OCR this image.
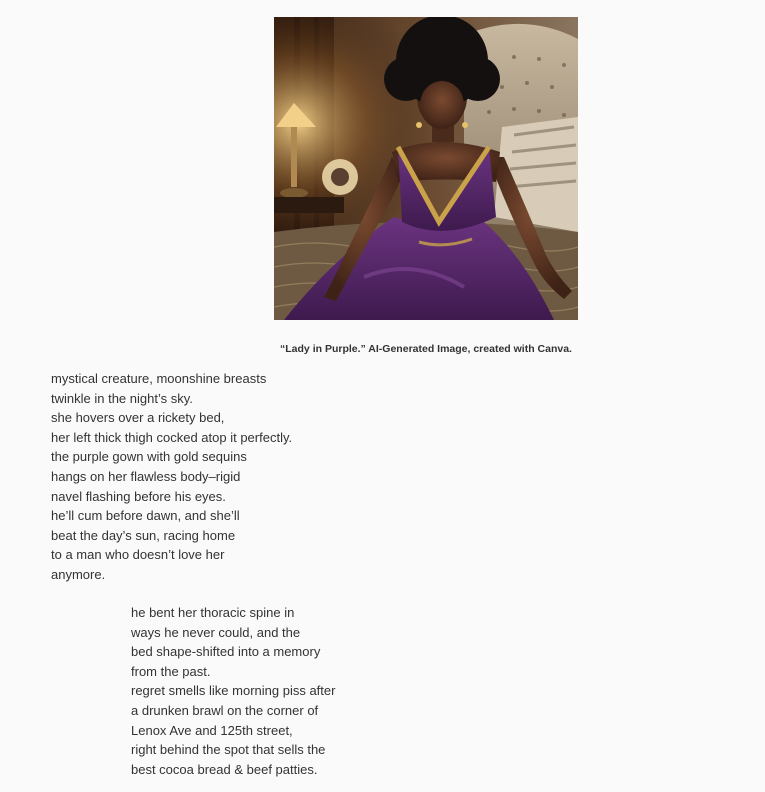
“Lady in Purple.” AI-Generated Image, created with Canva.
mystical creature, moonshine breasts
twinkle in the night’s sky.
she hovers over a rickety bed,
her left thick thigh cocked atop it perfectly.
the purple gown with gold sequins
hangs on her flawless body–rigid
navel flashing before his eyes.
he’ll cum before dawn, and she’ll
beat the day’s sun, racing home
to a man who doesn’t love her
anymore.
he bent her thoracic spine in
ways he never could, and the
bed shape-shifted into a memory
from the past.
regret smells like morning piss after
a drunken brawl on the corner of
Lenox Ave and 125th street,
right behind the spot that sells the
best cocoa bread & beef patties.
